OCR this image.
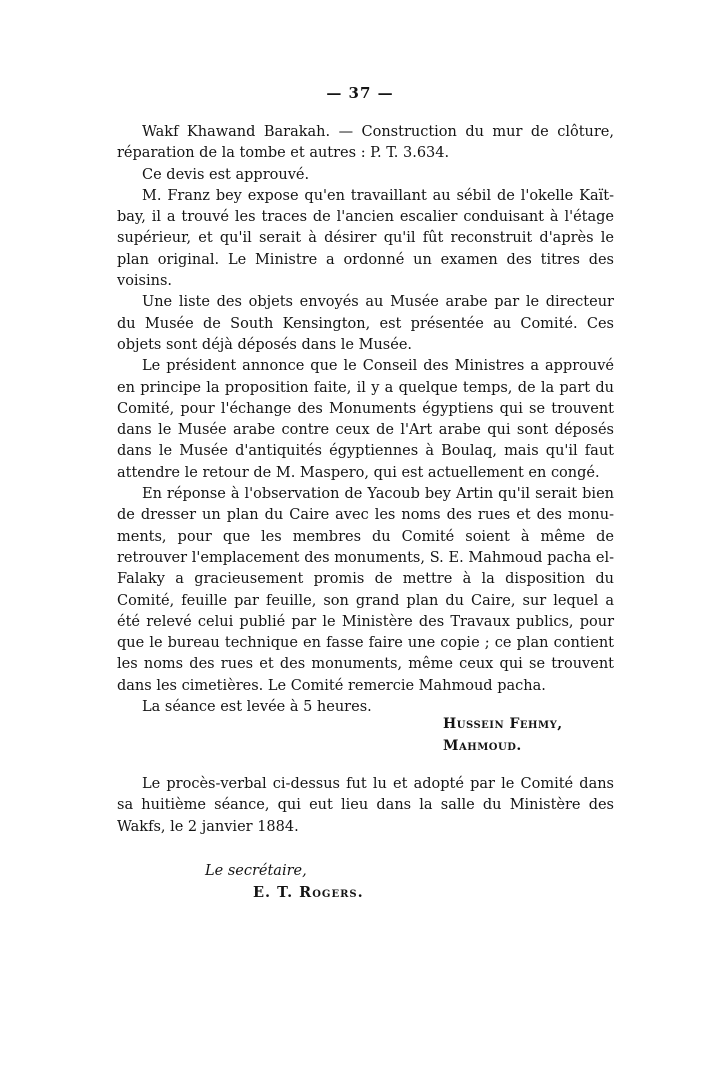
— 37 —

Wakf Khawand Barakah. — Construction du mur de clôture, réparation de la tombe et autres : P. T. 3.634.

Ce devis est approuvé.

M. Franz bey expose qu'en travaillant au sébil de l'okelle Kaïtbay, il a trouvé les traces de l'ancien escalier conduisant à l'étage supérieur, et qu'il serait à désirer qu'il fût reconstruit d'après le plan original. Le Ministre a ordonné un examen des titres des voisins.

Une liste des objets envoyés au Musée arabe par le directeur du Musée de South Kensington, est présentée au Comité. Ces objets sont déjà déposés dans le Musée.

Le président annonce que le Conseil des Ministres a approuvé en principe la proposition faite, il y a quelque temps, de la part du Comité, pour l'échange des Monuments égyptiens qui se trouvent dans le Musée arabe contre ceux de l'Art arabe qui sont déposés dans le Musée d'antiquités égyptiennes à Boulaq, mais qu'il faut attendre le retour de M. Maspero, qui est actuellement en congé.

En réponse à l'observation de Yacoub bey Artin qu'il serait bien de dresser un plan du Caire avec les noms des rues et des monuments, pour que les membres du Comité soient à même de retrouver l'emplacement des monuments, S. E. Mahmoud pacha el-Falaky a gracieusement promis de mettre à la disposition du Comité, feuille par feuille, son grand plan du Caire, sur lequel a été relevé celui publié par le Ministère des Travaux publics, pour que le bureau technique en fasse faire une copie ; ce plan contient les noms des rues et des monuments, même ceux qui se trouvent dans les cimetières. Le Comité remercie Mahmoud pacha.

La séance est levée à 5 heures.

Hussein Fehmy,
Mahmoud.

Le procès-verbal ci-dessus fut lu et adopté par le Comité dans sa huitième séance, qui eut lieu dans la salle du Ministère des Wakfs, le 2 janvier 1884.

Le secrétaire,
E. T. Rogers.
